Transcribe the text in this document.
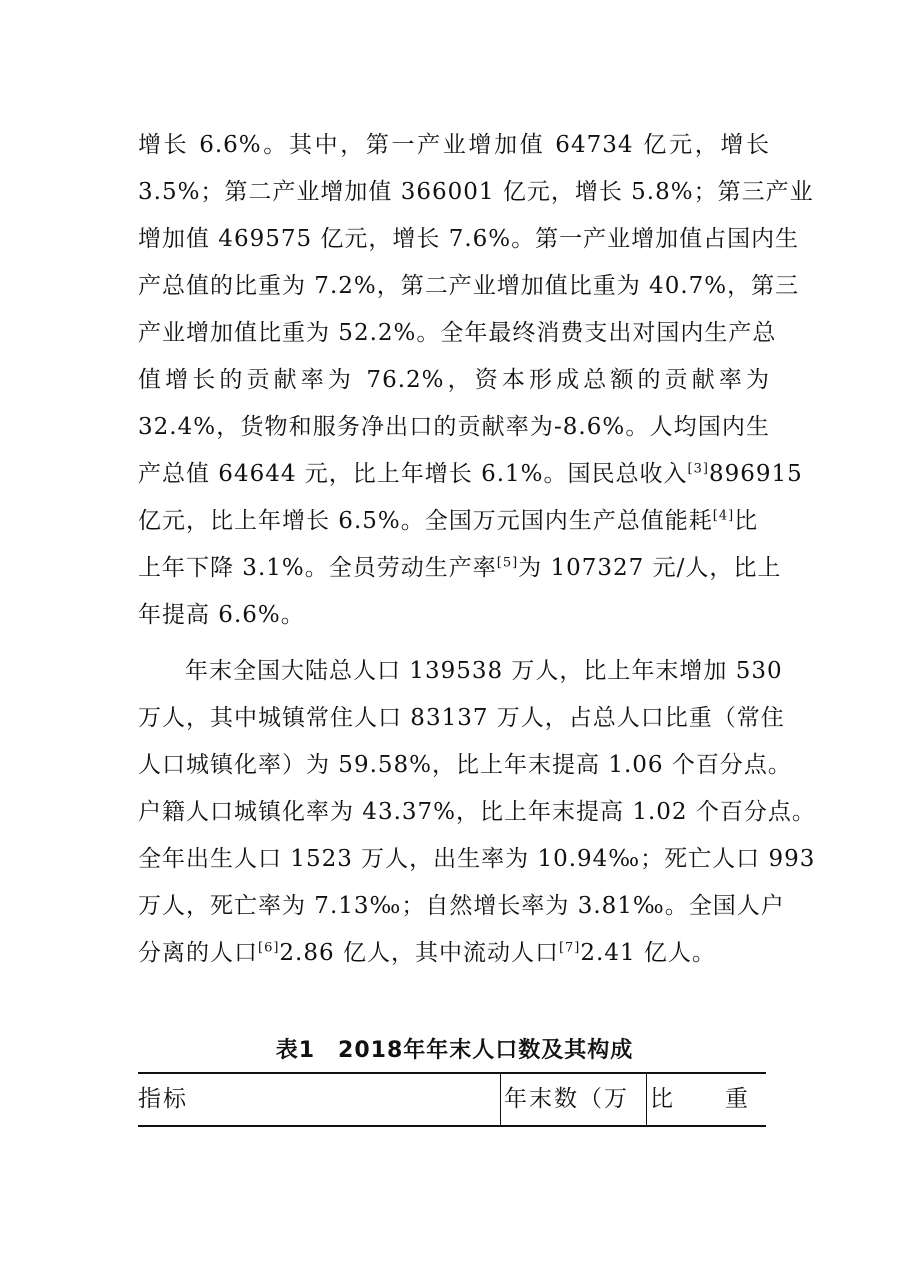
增长 6.6%。其中，第一产业增加值 64734 亿元，增长
3.5%；第二产业增加值 366001 亿元，增长 5.8%；第三产业
增加值 469575 亿元，增长 7.6%。第一产业增加值占国内生
产总值的比重为 7.2%，第二产业增加值比重为 40.7%，第三
产业增加值比重为 52.2%。全年最终消费支出对国内生产总
值增长的贡献率为 76.2%，资本形成总额的贡献率为
32.4%，货物和服务净出口的贡献率为-8.6%。人均国内生
产总值 64644 元，比上年增长 6.1%。国民总收入[3]896915
亿元，比上年增长 6.5%。全国万元国内生产总值能耗[4]比
上年下降 3.1%。全员劳动生产率[5]为 107327 元/人，比上
年提高 6.6%。
年末全国大陆总人口 139538 万人，比上年末增加 530
万人，其中城镇常住人口 83137 万人，占总人口比重（常住
人口城镇化率）为 59.58%，比上年末提高 1.06 个百分点。
户籍人口城镇化率为 43.37%，比上年末提高 1.02 个百分点。
全年出生人口 1523 万人，出生率为 10.94‰；死亡人口 993
万人，死亡率为 7.13‰；自然增长率为 3.81‰。全国人户
分离的人口[6]2.86 亿人，其中流动人口[7]2.41 亿人。
表1　2018年年末人口数及其构成
指标	年末数（万 比　　重
